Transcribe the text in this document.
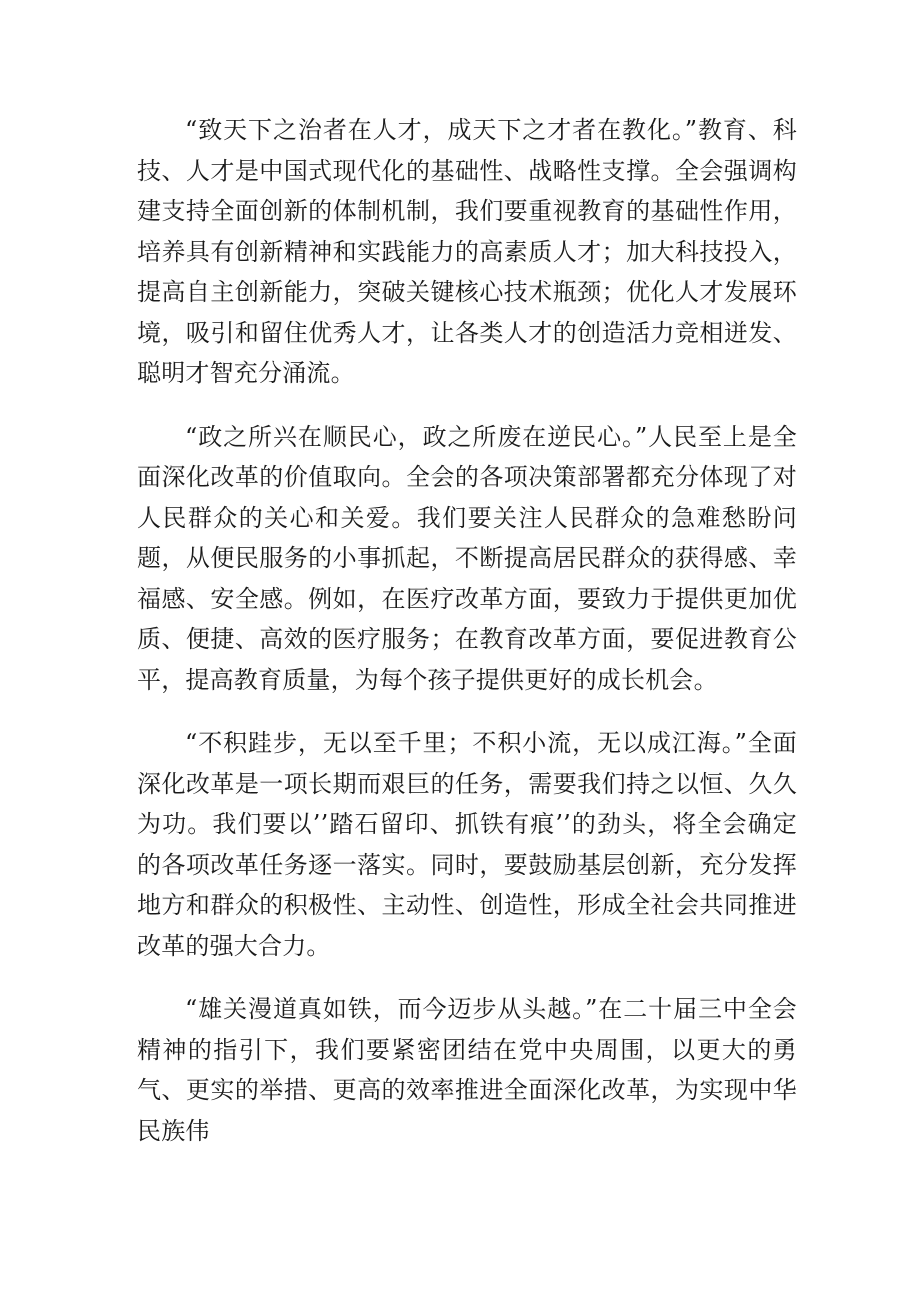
“致天下之治者在人才，成天下之才者在教化。”教育、科技、人才是中国式现代化的基础性、战略性支撑。全会强调构建支持全面创新的体制机制，我们要重视教育的基础性作用，培养具有创新精神和实践能力的高素质人才；加大科技投入，提高自主创新能力，突破关键核心技术瓶颈；优化人才发展环境，吸引和留住优秀人才，让各类人才的创造活力竞相迸发、聪明才智充分涌流。

“政之所兴在顺民心，政之所废在逆民心。”人民至上是全面深化改革的价值取向。全会的各项决策部署都充分体现了对人民群众的关心和关爱。我们要关注人民群众的急难愁盼问题，从便民服务的小事抓起，不断提高居民群众的获得感、幸福感、安全感。例如，在医疗改革方面，要致力于提供更加优质、便捷、高效的医疗服务；在教育改革方面，要促进教育公平，提高教育质量，为每个孩子提供更好的成长机会。

“不积跬步，无以至千里；不积小流，无以成江海。”全面深化改革是一项长期而艰巨的任务，需要我们持之以恒、久久为功。我们要以’’踏石留印、抓铁有痕’’的劲头，将全会确定的各项改革任务逐一落实。同时，要鼓励基层创新，充分发挥地方和群众的积极性、主动性、创造性，形成全社会共同推进改革的强大合力。

“雄关漫道真如铁，而今迈步从头越。”在二十届三中全会精神的指引下，我们要紧密团结在党中央周围，以更大的勇气、更实的举措、更高的效率推进全面深化改革，为实现中华民族伟
